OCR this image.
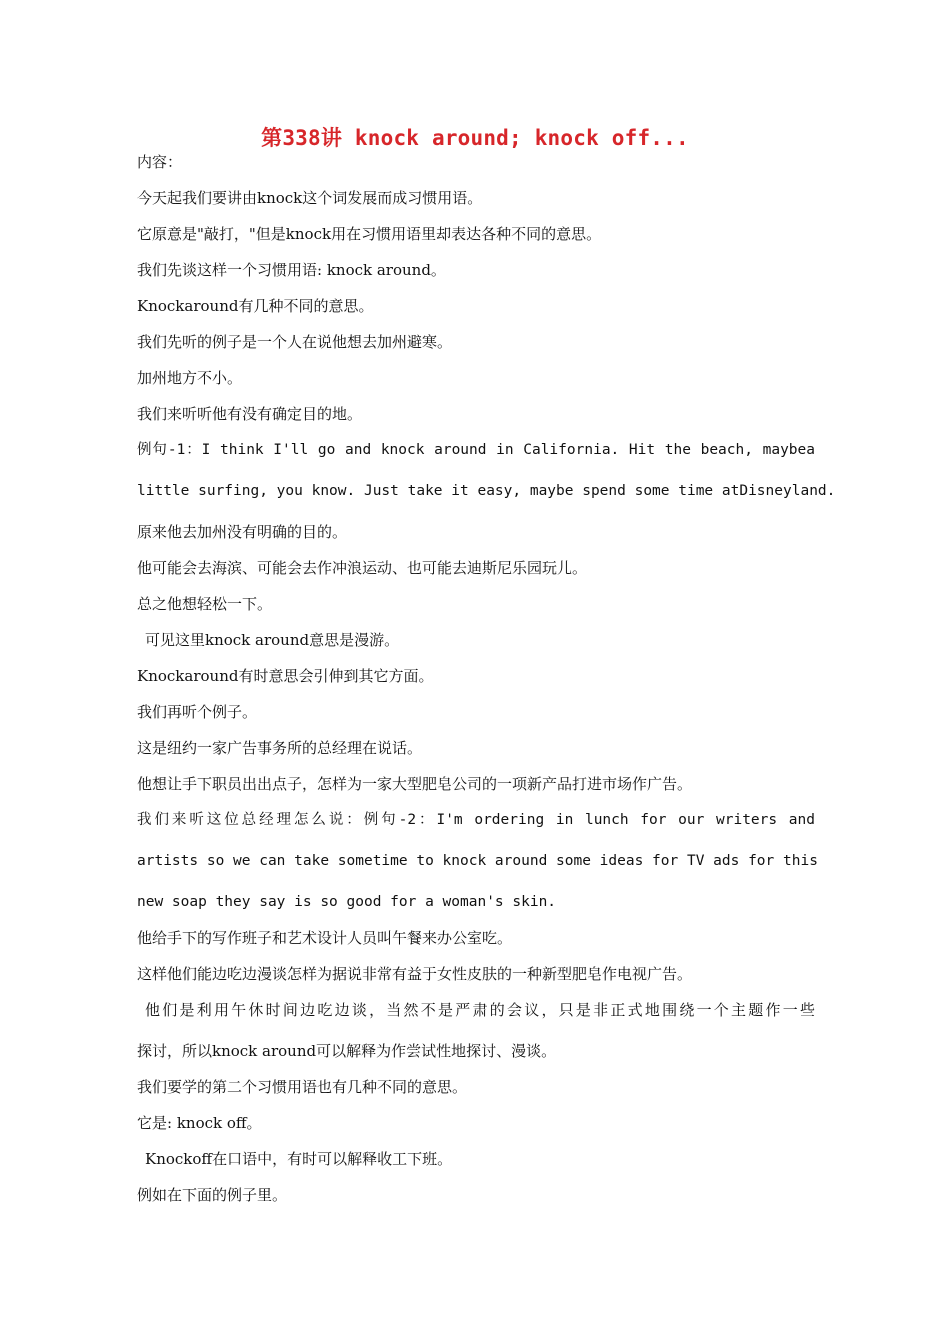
第338讲 knock around; knock off...
内容：
今天起我们要讲由knock这个词发展而成习惯用语。
它原意是"敲打，"但是knock用在习惯用语里却表达各种不同的意思。
我们先谈这样一个习惯用语: knock around。
Knockaround有几种不同的意思。
我们先听的例子是一个人在说他想去加州避寒。
加州地方不小。
我们来听听他有没有确定目的地。
例句-1：I think I'll go and knock around in California. Hit the beach, maybea
little surfing, you know. Just take it easy, maybe spend some time atDisneyland.
原来他去加州没有明确的目的。
他可能会去海滨、可能会去作冲浪运动、也可能去迪斯尼乐园玩儿。
总之他想轻松一下。
可见这里knock around意思是漫游。
Knockaround有时意思会引伸到其它方面。
我们再听个例子。
这是纽约一家广告事务所的总经理在说话。
他想让手下职员出出点子，怎样为一家大型肥皂公司的一项新产品打进市场作广告。
我们来听这位总经理怎么说：例句-2：I'm ordering in lunch for our writers and
artists so we can take sometime to knock around some ideas for TV ads for this
new soap they say is so good for a woman's skin.
他给手下的写作班子和艺术设计人员叫午餐来办公室吃。
这样他们能边吃边漫谈怎样为据说非常有益于女性皮肤的一种新型肥皂作电视广告。
他们是利用午休时间边吃边谈，当然不是严肃的会议，只是非正式地围绕一个主题作一些
探讨，所以knock around可以解释为作尝试性地探讨、漫谈。
我们要学的第二个习惯用语也有几种不同的意思。
它是: knock off。
Knockoff在口语中，有时可以解释收工下班。
例如在下面的例子里。
